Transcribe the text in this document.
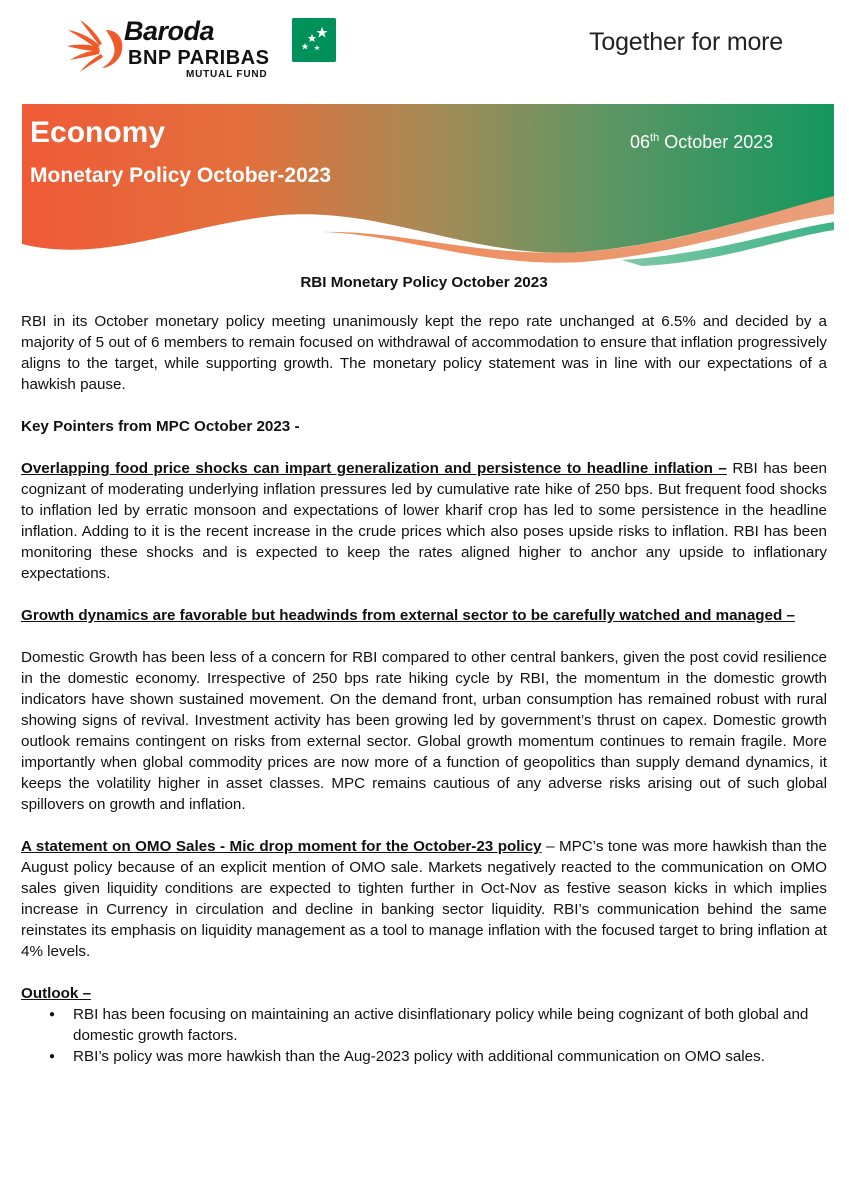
Baroda
BNP PARIBAS
MUTUAL FUND
Together for more
Economy
Monetary Policy October-2023
06th October 2023

RBI Monetary Policy October 2023

RBI in its October monetary policy meeting unanimously kept the repo rate unchanged at 6.5% and decided by a majority of 5 out of 6 members to remain focused on withdrawal of accommodation to ensure that inflation progressively aligns to the target, while supporting growth. The monetary policy statement was in line with our expectations of a hawkish pause.

Key Pointers from MPC October 2023 -

Overlapping food price shocks can impart generalization and persistence to headline inflation – RBI has been cognizant of moderating underlying inflation pressures led by cumulative rate hike of 250 bps. But frequent food shocks to inflation led by erratic monsoon and expectations of lower kharif crop has led to some persistence in the headline inflation. Adding to it is the recent increase in the crude prices which also poses upside risks to inflation. RBI has been monitoring these shocks and is expected to keep the rates aligned higher to anchor any upside to inflationary expectations.

Growth dynamics are favorable but headwinds from external sector to be carefully watched and managed –

Domestic Growth has been less of a concern for RBI compared to other central bankers, given the post covid resilience in the domestic economy. Irrespective of 250 bps rate hiking cycle by RBI, the momentum in the domestic growth indicators have shown sustained movement. On the demand front, urban consumption has remained robust with rural showing signs of revival. Investment activity has been growing led by government’s thrust on capex. Domestic growth outlook remains contingent on risks from external sector. Global growth momentum continues to remain fragile. More importantly when global commodity prices are now more of a function of geopolitics than supply demand dynamics, it keeps the volatility higher in asset classes. MPC remains cautious of any adverse risks arising out of such global spillovers on growth and inflation.

A statement on OMO Sales - Mic drop moment for the October-23 policy – MPC’s tone was more hawkish than the August policy because of an explicit mention of OMO sale. Markets negatively reacted to the communication on OMO sales given liquidity conditions are expected to tighten further in Oct-Nov as festive season kicks in which implies increase in Currency in circulation and decline in banking sector liquidity. RBI’s communication behind the same reinstates its emphasis on liquidity management as a tool to manage inflation with the focused target to bring inflation at 4% levels.

Outlook –

● RBI has been focusing on maintaining an active disinflationary policy while being cognizant of both global and domestic growth factors.
● RBI’s policy was more hawkish than the Aug-2023 policy with additional communication on OMO sales.
